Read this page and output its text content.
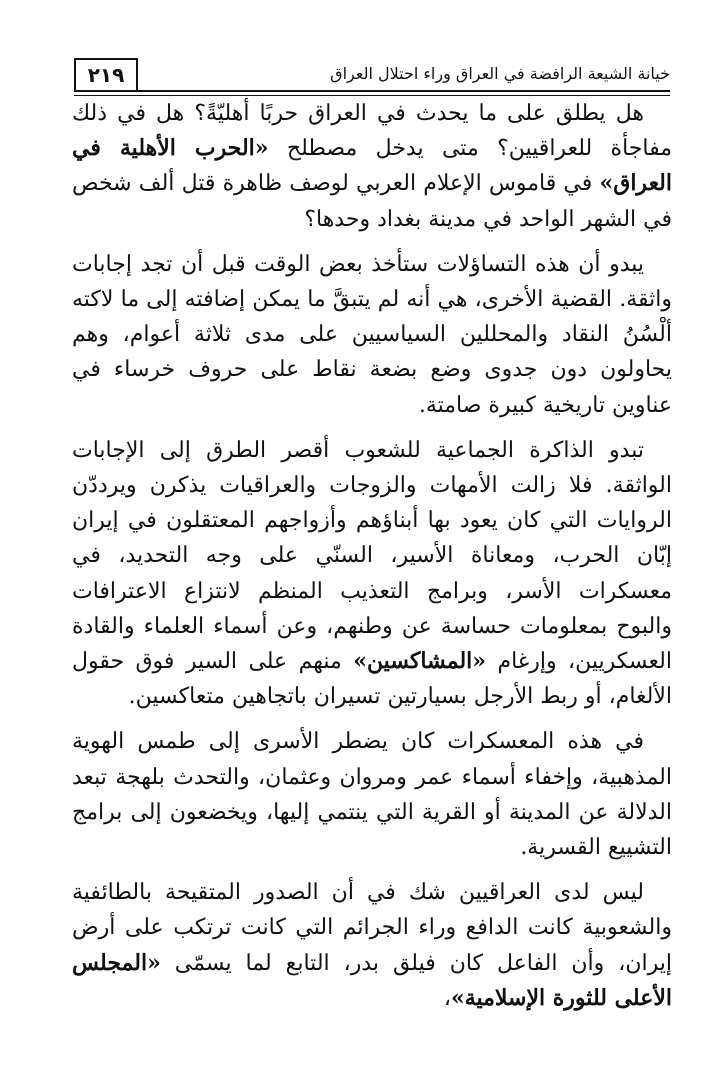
٢١٩	خيانة الشيعة الرافضة في العراق وراء احتلال العراق

هل يطلق على ما يحدث في العراق حربًا أهليّةً؟ هل في ذلك مفاجأة للعراقيين؟ متى يدخل مصطلح «الحرب الأهلية في العراق» في قاموس الإعلام العربي لوصف ظاهرة قتل ألف شخص في الشهر الواحد في مدينة بغداد وحدها؟

يبدو أن هذه التساؤلات ستأخذ بعض الوقت قبل أن تجد إجابات واثقة. القضية الأخرى، هي أنه لم يتبقَّ ما يمكن إضافته إلى ما لاكته ألْسُنُ النقاد والمحللين السياسيين على مدى ثلاثة أعوام، وهم يحاولون دون جدوى وضع بضعة نقاط على حروف خرساء في عناوين تاريخية كبيرة صامتة.

تبدو الذاكرة الجماعية للشعوب أقصر الطرق إلى الإجابات الواثقة. فلا زالت الأمهات والزوجات والعراقيات يذكرن ويرددّن الروايات التي كان يعود بها أبناؤهم وأزواجهم المعتقلون في إيران إبّان الحرب، ومعاناة الأسير، السنّي على وجه التحديد، في معسكرات الأسر، وبرامج التعذيب المنظم لانتزاع الاعترافات والبوح بمعلومات حساسة عن وطنهم، وعن أسماء العلماء والقادة العسكريين، وإرغام «المشاكسين» منهم على السير فوق حقول الألغام، أو ربط الأرجل بسيارتين تسيران باتجاهين متعاكسين.

في هذه المعسكرات كان يضطر الأسرى إلى طمس الهوية المذهبية، وإخفاء أسماء عمر ومروان وعثمان، والتحدث بلهجة تبعد الدلالة عن المدينة أو القرية التي ينتمي إليها، ويخضعون إلى برامج التشييع القسرية.

ليس لدى العراقيين شك في أن الصدور المتقيحة بالطائفية والشعوبية كانت الدافع وراء الجرائم التي كانت ترتكب على أرض إيران، وأن الفاعل كان فيلق بدر، التابع لما يسمّى «المجلس الأعلى للثورة الإسلامية»،
